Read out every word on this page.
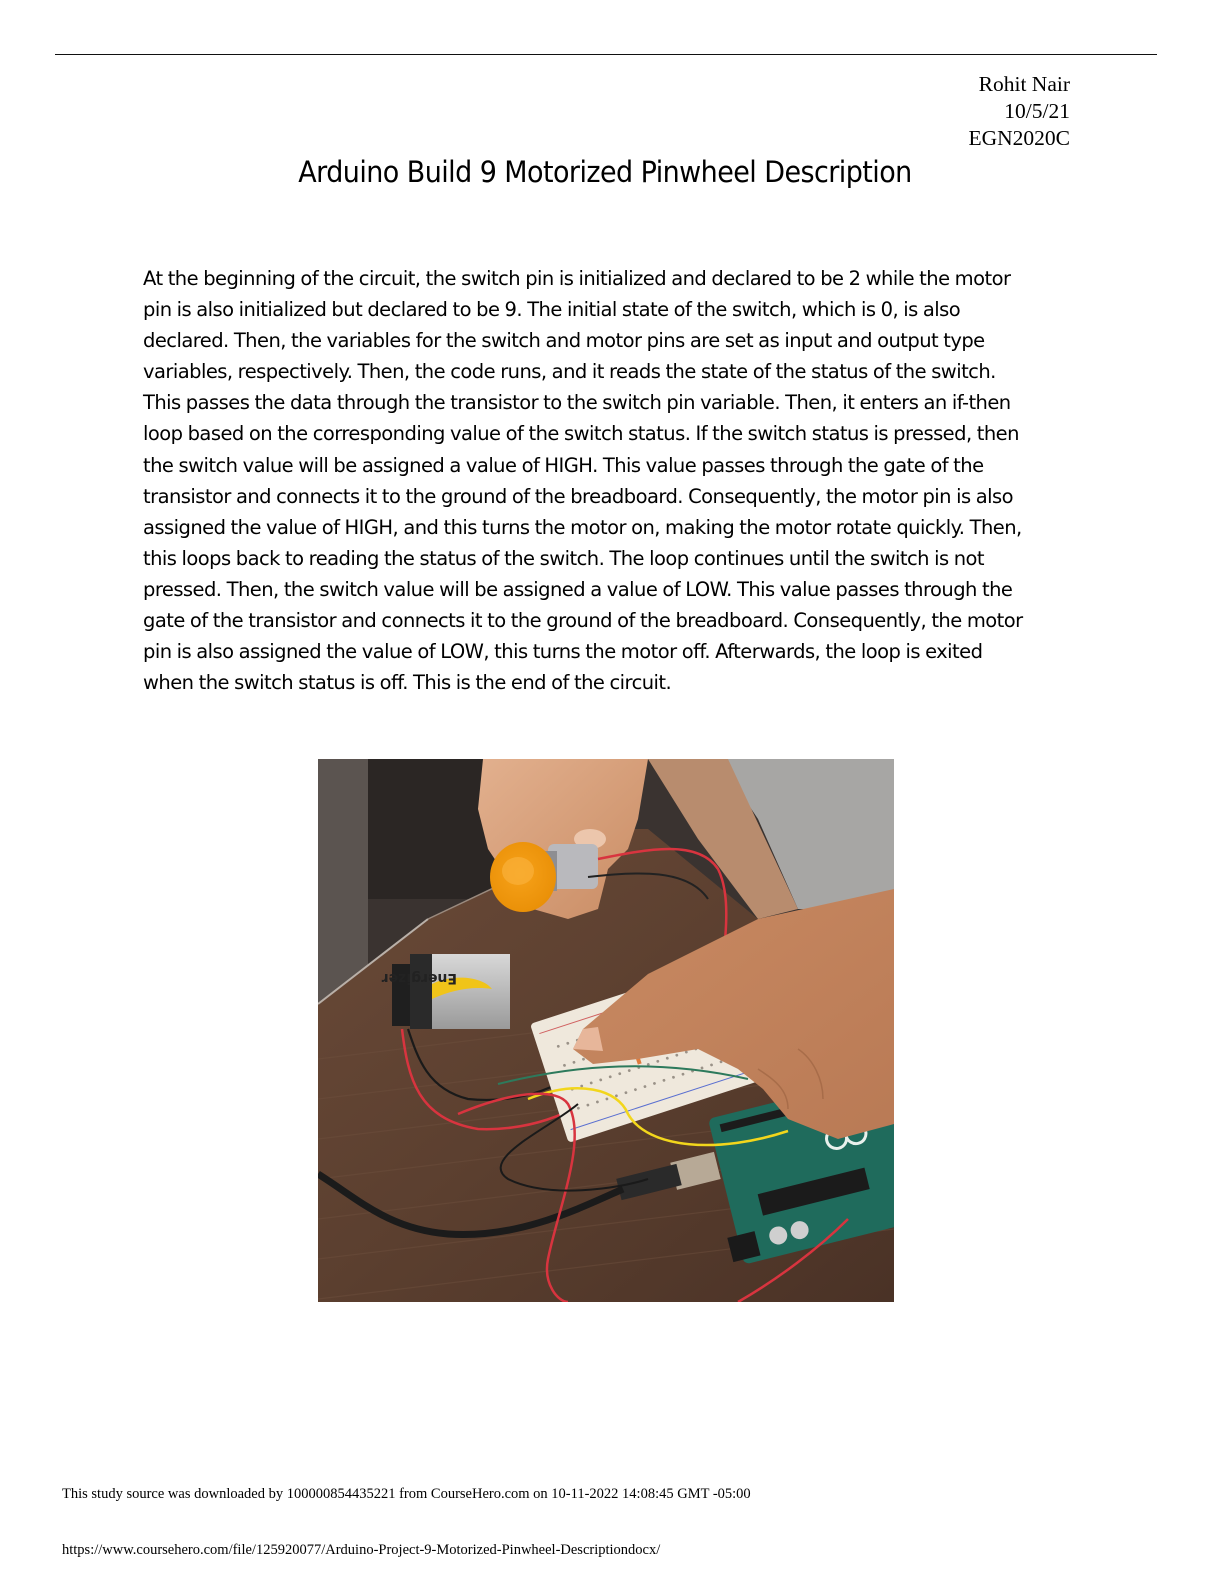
Rohit Nair
10/5/21
EGN2020C
Arduino Build 9 Motorized Pinwheel Description
At the beginning of the circuit, the switch pin is initialized and declared to be 2 while the motor
pin is also initialized but declared to be 9. The initial state of the switch, which is 0, is also
declared. Then, the variables for the switch and motor pins are set as input and output type
variables, respectively. Then, the code runs, and it reads the state of the status of the switch.
This passes the data through the transistor to the switch pin variable. Then, it enters an if-then
loop based on the corresponding value of the switch status. If the switch status is pressed, then
the switch value will be assigned a value of HIGH. This value passes through the gate of the
transistor and connects it to the ground of the breadboard. Consequently, the motor pin is also
assigned the value of HIGH, and this turns the motor on, making the motor rotate quickly. Then,
this loops back to reading the status of the switch. The loop continues until the switch is not
pressed. Then, the switch value will be assigned a value of LOW. This value passes through the
gate of the transistor and connects it to the ground of the breadboard. Consequently, the motor
pin is also assigned the value of LOW, this turns the motor off. Afterwards, the loop is exited
when the switch status is off. This is the end of the circuit.
Energizer
This study source was downloaded by 100000854435221 from CourseHero.com on 10-11-2022 14:08:45 GMT -05:00
https://www.coursehero.com/file/125920077/Arduino-Project-9-Motorized-Pinwheel-Descriptiondocx/
